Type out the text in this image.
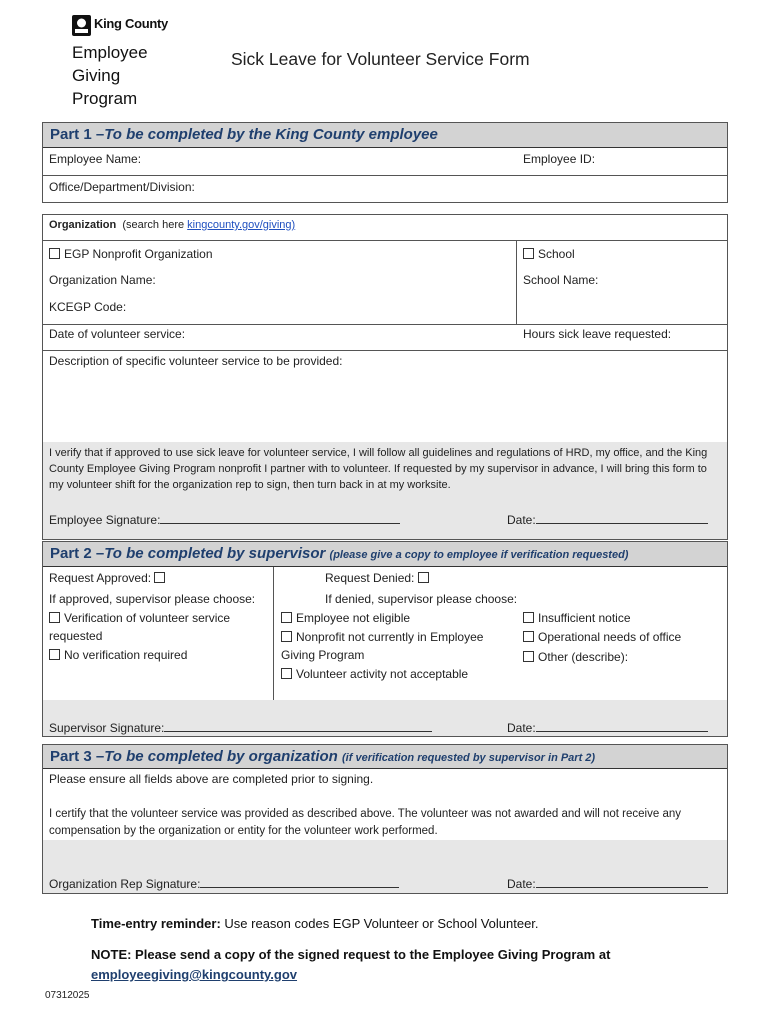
King County
Employee
Giving
Program
Sick Leave for Volunteer Service Form
Part 1 –To be completed by the King County employee
Employee Name:	Employee ID:
Office/Department/Division:
Organization (search here kingcounty.gov/giving)
EGP Nonprofit Organization	School
Organization Name:	School Name:
KCEGP Code:
Date of volunteer service:	Hours sick leave requested:
Description of specific volunteer service to be provided:
I verify that if approved to use sick leave for volunteer service, I will follow all guidelines and regulations of HRD, my office, and the King County Employee Giving Program nonprofit I partner with to volunteer. If requested by my supervisor in advance, I will bring this form to my volunteer shift for the organization rep to sign, then turn back in at my worksite.
Employee Signature:	Date:
Part 2 –To be completed by supervisor (please give a copy to employee if verification requested)
Request Approved:	Request Denied:
If approved, supervisor please choose:	If denied, supervisor please choose:
Verification of volunteer service
requested
No verification required
Employee not eligible
Nonprofit not currently in Employee
Giving Program
Volunteer activity not acceptable
Insufficient notice
Operational needs of office
Other (describe):
Supervisor Signature:	Date:
Part 3 –To be completed by organization (if verification requested by supervisor in Part 2)
Please ensure all fields above are completed prior to signing.
I certify that the volunteer service was provided as described above. The volunteer was not awarded and will not receive any compensation by the organization or entity for the volunteer work performed.
Organization Rep Signature:	Date:
Time-entry reminder: Use reason codes EGP Volunteer or School Volunteer.
NOTE: Please send a copy of the signed request to the Employee Giving Program at
employeegiving@kingcounty.gov
07312025
